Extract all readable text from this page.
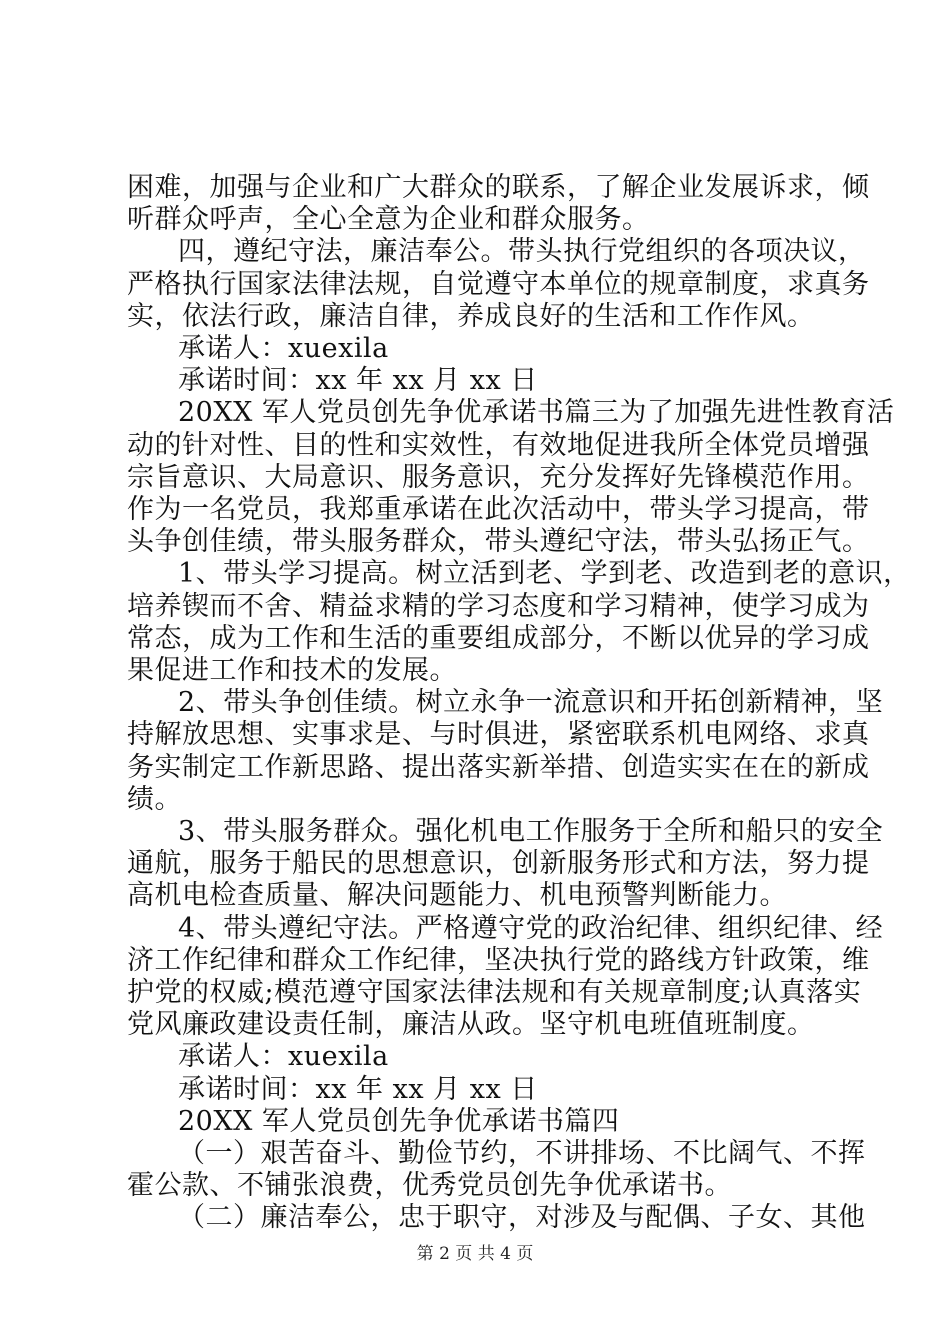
困难，加强与企业和广大群众的联系，了解企业发展诉求，倾
听群众呼声，全心全意为企业和群众服务。
四，遵纪守法，廉洁奉公。带头执行党组织的各项决议，
严格执行国家法律法规，自觉遵守本单位的规章制度，求真务
实，依法行政，廉洁自律，养成良好的生活和工作作风。
承诺人：xuexila
承诺时间：xx 年 xx 月 xx 日
20XX 军人党员创先争优承诺书篇三为了加强先进性教育活
动的针对性、目的性和实效性，有效地促进我所全体党员增强
宗旨意识、大局意识、服务意识，充分发挥好先锋模范作用。
作为一名党员，我郑重承诺在此次活动中，带头学习提高，带
头争创佳绩，带头服务群众，带头遵纪守法，带头弘扬正气。
1、带头学习提高。树立活到老、学到老、改造到老的意识，
培养锲而不舍、精益求精的学习态度和学习精神，使学习成为
常态，成为工作和生活的重要组成部分，不断以优异的学习成
果促进工作和技术的发展。
2、带头争创佳绩。树立永争一流意识和开拓创新精神，坚
持解放思想、实事求是、与时俱进，紧密联系机电网络、求真
务实制定工作新思路、提出落实新举措、创造实实在在的新成
绩。
3、带头服务群众。强化机电工作服务于全所和船只的安全
通航，服务于船民的思想意识，创新服务形式和方法，努力提
高机电检查质量、解决问题能力、机电预警判断能力。
4、带头遵纪守法。严格遵守党的政治纪律、组织纪律、经
济工作纪律和群众工作纪律，坚决执行党的路线方针政策，维
护党的权威;模范遵守国家法律法规和有关规章制度;认真落实
党风廉政建设责任制，廉洁从政。坚守机电班值班制度。
承诺人：xuexila
承诺时间：xx 年 xx 月 xx 日
20XX 军人党员创先争优承诺书篇四
（一）艰苦奋斗、勤俭节约，不讲排场、不比阔气、不挥
霍公款、不铺张浪费，优秀党员创先争优承诺书。
（二）廉洁奉公，忠于职守，对涉及与配偶、子女、其他
第 2 页 共 4 页
